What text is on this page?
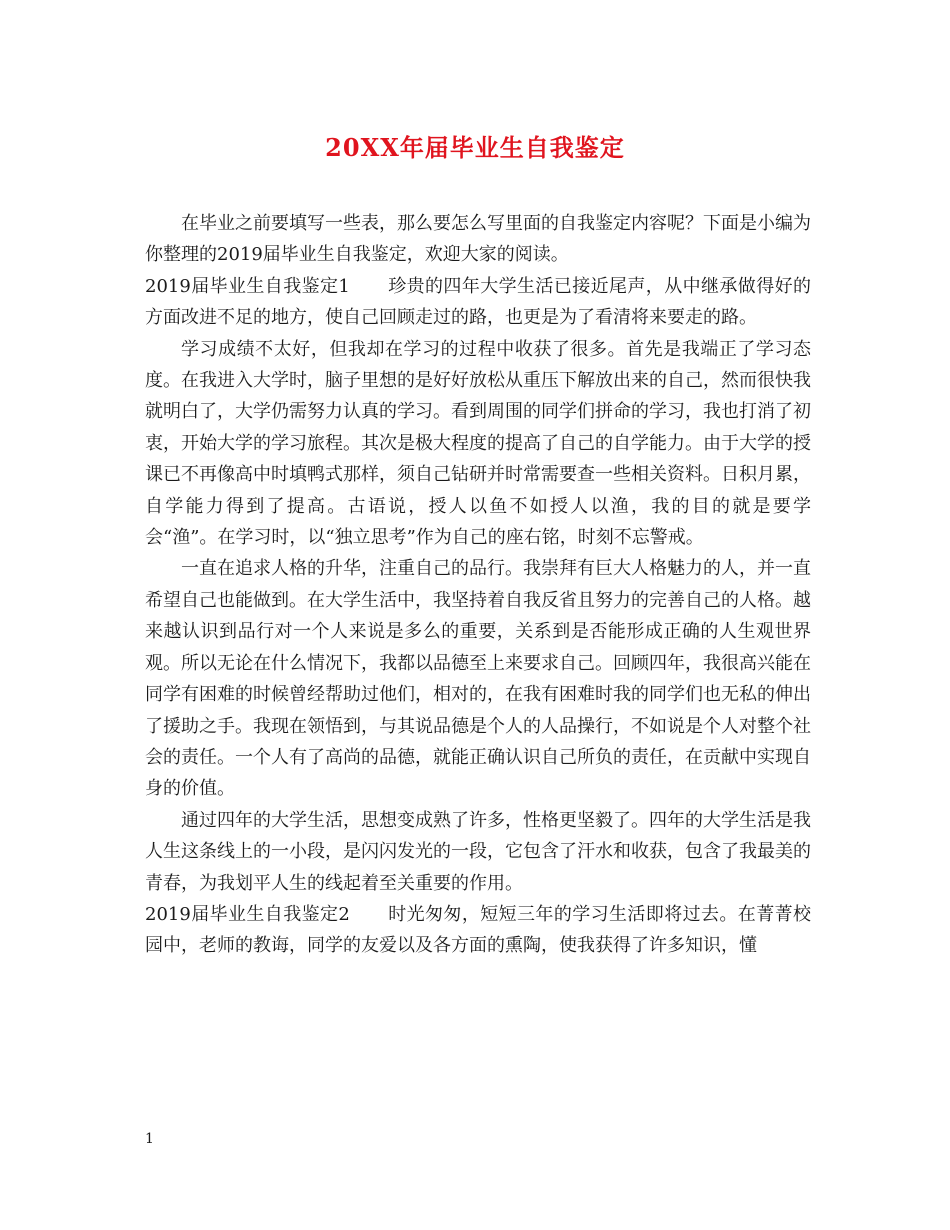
20XX年届毕业生自我鉴定

在毕业之前要填写一些表，那么要怎么写里面的自我鉴定内容呢？下面是小编为你整理的2019届毕业生自我鉴定，欢迎大家的阅读。

2019届毕业生自我鉴定1 珍贵的四年大学生活已接近尾声，从中继承做得好的方面改进不足的地方，使自己回顾走过的路，也更是为了看清将来要走的路。

学习成绩不太好，但我却在学习的过程中收获了很多。首先是我端正了学习态度。在我进入大学时，脑子里想的是好好放松从重压下解放出来的自己，然而很快我就明白了，大学仍需努力认真的学习。看到周围的同学们拼命的学习，我也打消了初衷，开始大学的学习旅程。其次是极大程度的提高了自己的自学能力。由于大学的授课已不再像高中时填鸭式那样，须自己钻研并时常需要查一些相关资料。日积月累，自学能力得到了提高。古语说，授人以鱼不如授人以渔，我的目的就是要学会“渔”。在学习时，以“独立思考”作为自己的座右铭，时刻不忘警戒。

一直在追求人格的升华，注重自己的品行。我崇拜有巨大人格魅力的人，并一直希望自己也能做到。在大学生活中，我坚持着自我反省且努力的完善自己的人格。越来越认识到品行对一个人来说是多么的重要，关系到是否能形成正确的人生观世界观。所以无论在什么情况下，我都以品德至上来要求自己。回顾四年，我很高兴能在同学有困难的时候曾经帮助过他们，相对的，在我有困难时我的同学们也无私的伸出了援助之手。我现在领悟到，与其说品德是个人的人品操行，不如说是个人对整个社会的责任。一个人有了高尚的品德，就能正确认识自己所负的责任，在贡献中实现自身的价值。

通过四年的大学生活，思想变成熟了许多，性格更坚毅了。四年的大学生活是我人生这条线上的一小段，是闪闪发光的一段，它包含了汗水和收获，包含了我最美的青春，为我划平人生的线起着至关重要的作用。

2019届毕业生自我鉴定2 时光匆匆，短短三年的学习生活即将过去。在菁菁校园中，老师的教诲，同学的友爱以及各方面的熏陶，使我获得了许多知识，懂

1
